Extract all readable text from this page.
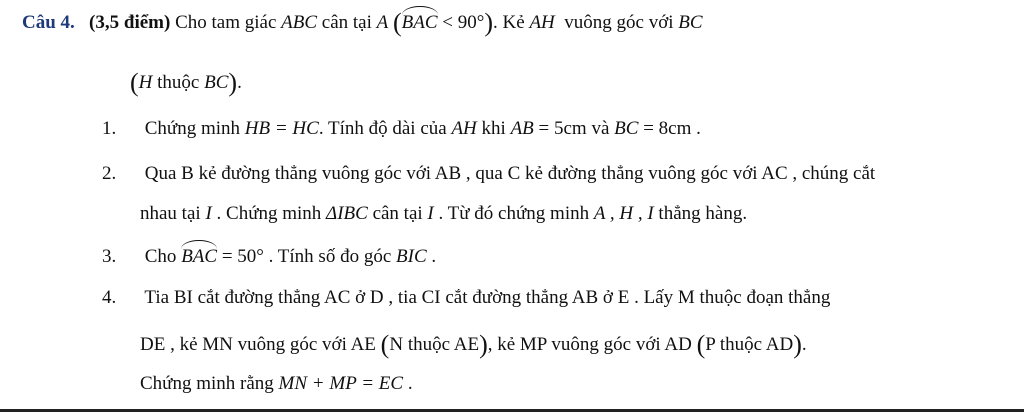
Câu 4. (3,5 điểm) Cho tam giác ABC cân tại A (BAC < 90°). Kẻ AH vuông góc với BC
(H thuộc BC).
1. Chứng minh HB = HC. Tính độ dài của AH khi AB = 5cm và BC = 8cm .
2. Qua B kẻ đường thẳng vuông góc với AB , qua C kẻ đường thẳng vuông góc với AC , chúng cắt
nhau tại I . Chứng minh ΔIBC cân tại I . Từ đó chứng minh A , H , I thẳng hàng.
3. Cho BAC = 50° . Tính số đo góc BIC .
4. Tia BI cắt đường thẳng AC ở D , tia CI cắt đường thẳng AB ở E . Lấy M thuộc đoạn thẳng
DE , kẻ MN vuông góc với AE (N thuộc AE), kẻ MP vuông góc với AD (P thuộc AD).
Chứng minh rằng MN + MP = EC .
